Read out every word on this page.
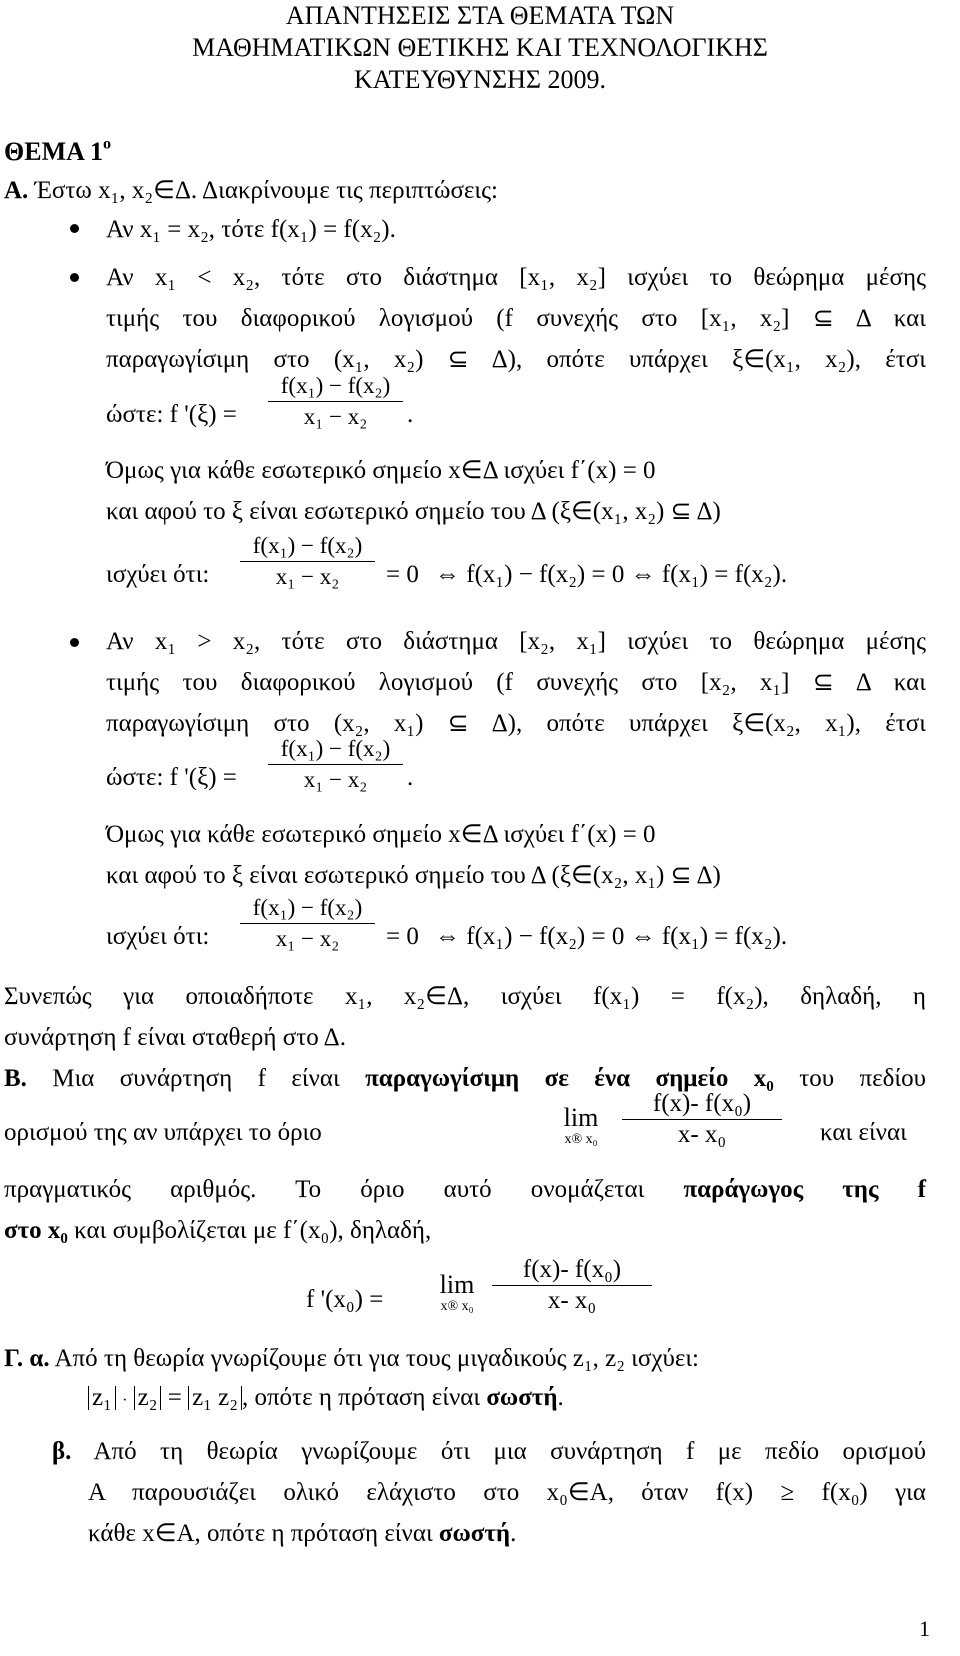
ΑΠΑΝΤΗΣΕΙΣ ΣΤΑ ΘΕΜΑΤΑ ΤΩΝ
ΜΑΘΗΜΑΤΙΚΩΝ ΘΕΤΙΚΗΣ ΚΑΙ ΤΕΧΝΟΛΟΓΙΚΗΣ
ΚΑΤΕΥΘΥΝΣΗΣ 2009.
ΘΕΜΑ $1^o$
Α. Έστω x₁, x₂∈Δ. Διακρίνουμε τις περιπτώσεις:
Αν x₁ = x₂, τότε f(x₁) = f(x₂).
Αν x₁ < x₂, τότε στο διάστημα [x₁, x₂] ισχύει το θεώρημα μέσης
τιμής του διαφορικού λογισμού (f συνεχής στο [x₁, x₂] ⊆ Δ και
παραγωγίσιμη στο (x₁, x₂) ⊆ Δ), οπότε υπάρχει ξ∈(x₁, x₂), έτσι
ώστε: f '(ξ) =
f(x₁) − f(x₂)
x₁ − x₂	.
Όμως για κάθε εσωτερικό σημείο x∈Δ ισχύει f΄(x) = 0
και αφού το ξ είναι εσωτερικό σημείο του Δ (ξ∈(x₁, x₂) ⊆ Δ)
ισχύει ότι:
f(x₁) − f(x₂)
x₁ − x₂	= 0 ⇔ f(x₁) − f(x₂) = 0 ⇔ f(x₁) = f(x₂).
Αν x₁ > x₂, τότε στο διάστημα [x₂, x₁] ισχύει το θεώρημα μέσης
τιμής του διαφορικού λογισμού (f συνεχής στο [x₂, x₁] ⊆ Δ και
παραγωγίσιμη στο (x₂, x₁) ⊆ Δ), οπότε υπάρχει ξ∈(x₂, x₁), έτσι
ώστε: f '(ξ) =
f(x₁) − f(x₂)
x₁ − x₂	.
Όμως για κάθε εσωτερικό σημείο x∈Δ ισχύει f΄(x) = 0
και αφού το ξ είναι εσωτερικό σημείο του Δ (ξ∈(x₂, x₁) ⊆ Δ)
ισχύει ότι:
f(x₁) − f(x₂)
x₁ − x₂	= 0 ⇔ f(x₁) − f(x₂) = 0 ⇔ f(x₁) = f(x₂).
Συνεπώς για οποιαδήποτε x₁, x₂∈Δ, ισχύει f(x₁) = f(x₂), δηλαδή, η
συνάρτηση f είναι σταθερή στο Δ.
Β. Μια συνάρτηση f είναι παραγωγίσιμη σε ένα σημείο x₀ του πεδίου
ορισμού της αν υπάρχει το όριο
lim
x® x₀
f(x)- f(x₀)
x- x₀	και είναι
πραγματικός αριθμός. Το όριο αυτό ονομάζεται παράγωγος της f
στο x₀ και συμβολίζεται με f΄(x₀), δηλαδή,
f '(x₀) =
lim
x® x₀
f(x)- f(x₀)
x- x₀
Γ. α. Από τη θεωρία γνωρίζουμε ότι για τους μιγαδικούς z₁, z₂ ισχύει:
z₁ · z₂ = z₁ z₂ , οπότε η πρόταση είναι σωστή.
β. Από τη θεωρία γνωρίζουμε ότι μια συνάρτηση f με πεδίο ορισμού
A παρουσιάζει ολικό ελάχιστο στο x₀∈A, όταν f(x) ≥ f(x₀) για
κάθε x∈A, οπότε η πρόταση είναι σωστή.
1
